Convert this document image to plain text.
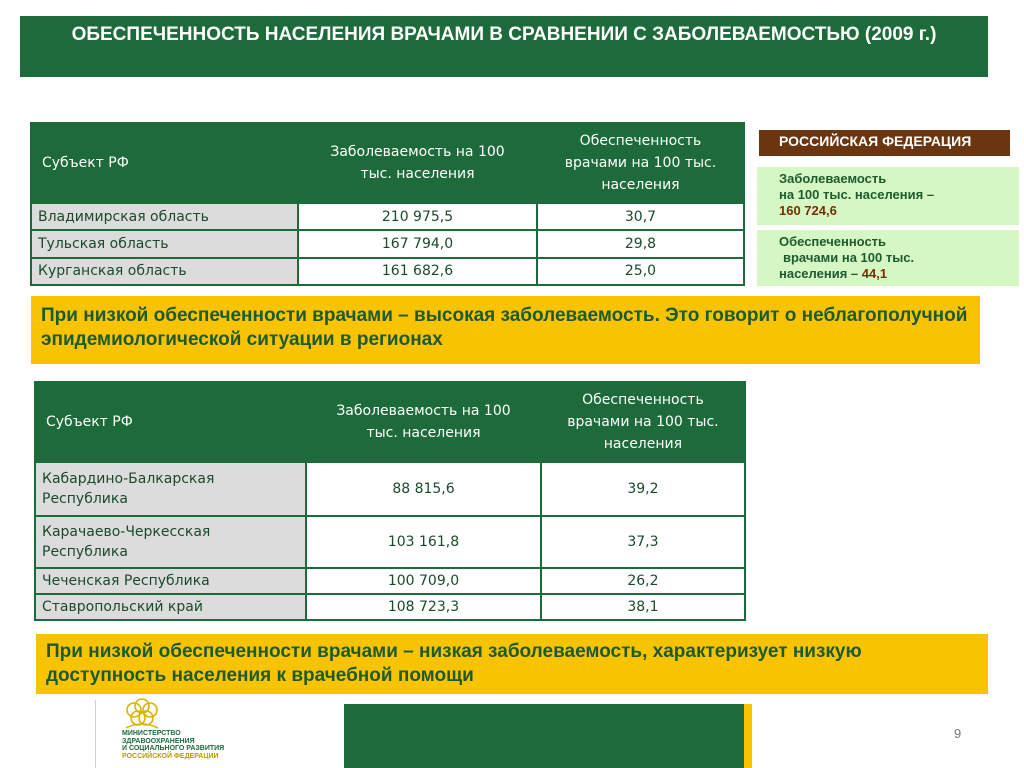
ОБЕСПЕЧЕННОСТЬ НАСЕЛЕНИЯ ВРАЧАМИ В СРАВНЕНИИ С ЗАБОЛЕВАЕМОСТЬЮ (2009 г.)
Субъект РФ	Заболеваемость на 100 тыс. населения	Обеспеченность врачами на 100 тыс. населения
Владимирская область	210 975,5	30,7
Тульская область	167 794,0	29,8
Курганская область	161 682,6	25,0
РОССИЙСКАЯ ФЕДЕРАЦИЯ
Заболеваемость
на 100 тыс. населения –
160 724,6
Обеспеченность
врачами на 100 тыс.
населения – 44,1
При низкой обеспеченности врачами – высокая заболеваемость. Это говорит о неблагополучной эпидемиологической ситуации в регионах
Субъект РФ	Заболеваемость на 100 тыс. населения	Обеспеченность врачами на 100 тыс. населения
Кабардино-Балкарская Республика	88 815,6	39,2
Карачаево-Черкесская Республика	103 161,8	37,3
Чеченская Республика	100 709,0	26,2
Ставропольский край	108 723,3	38,1
При низкой обеспеченности врачами – низкая заболеваемость, характеризует низкую доступность населения к врачебной помощи
МИНИСТЕРСТВО
ЗДРАВООХРАНЕНИЯ
И СОЦИАЛЬНОГО РАЗВИТИЯ
РОССИЙСКОЙ ФЕДЕРАЦИИ
9
